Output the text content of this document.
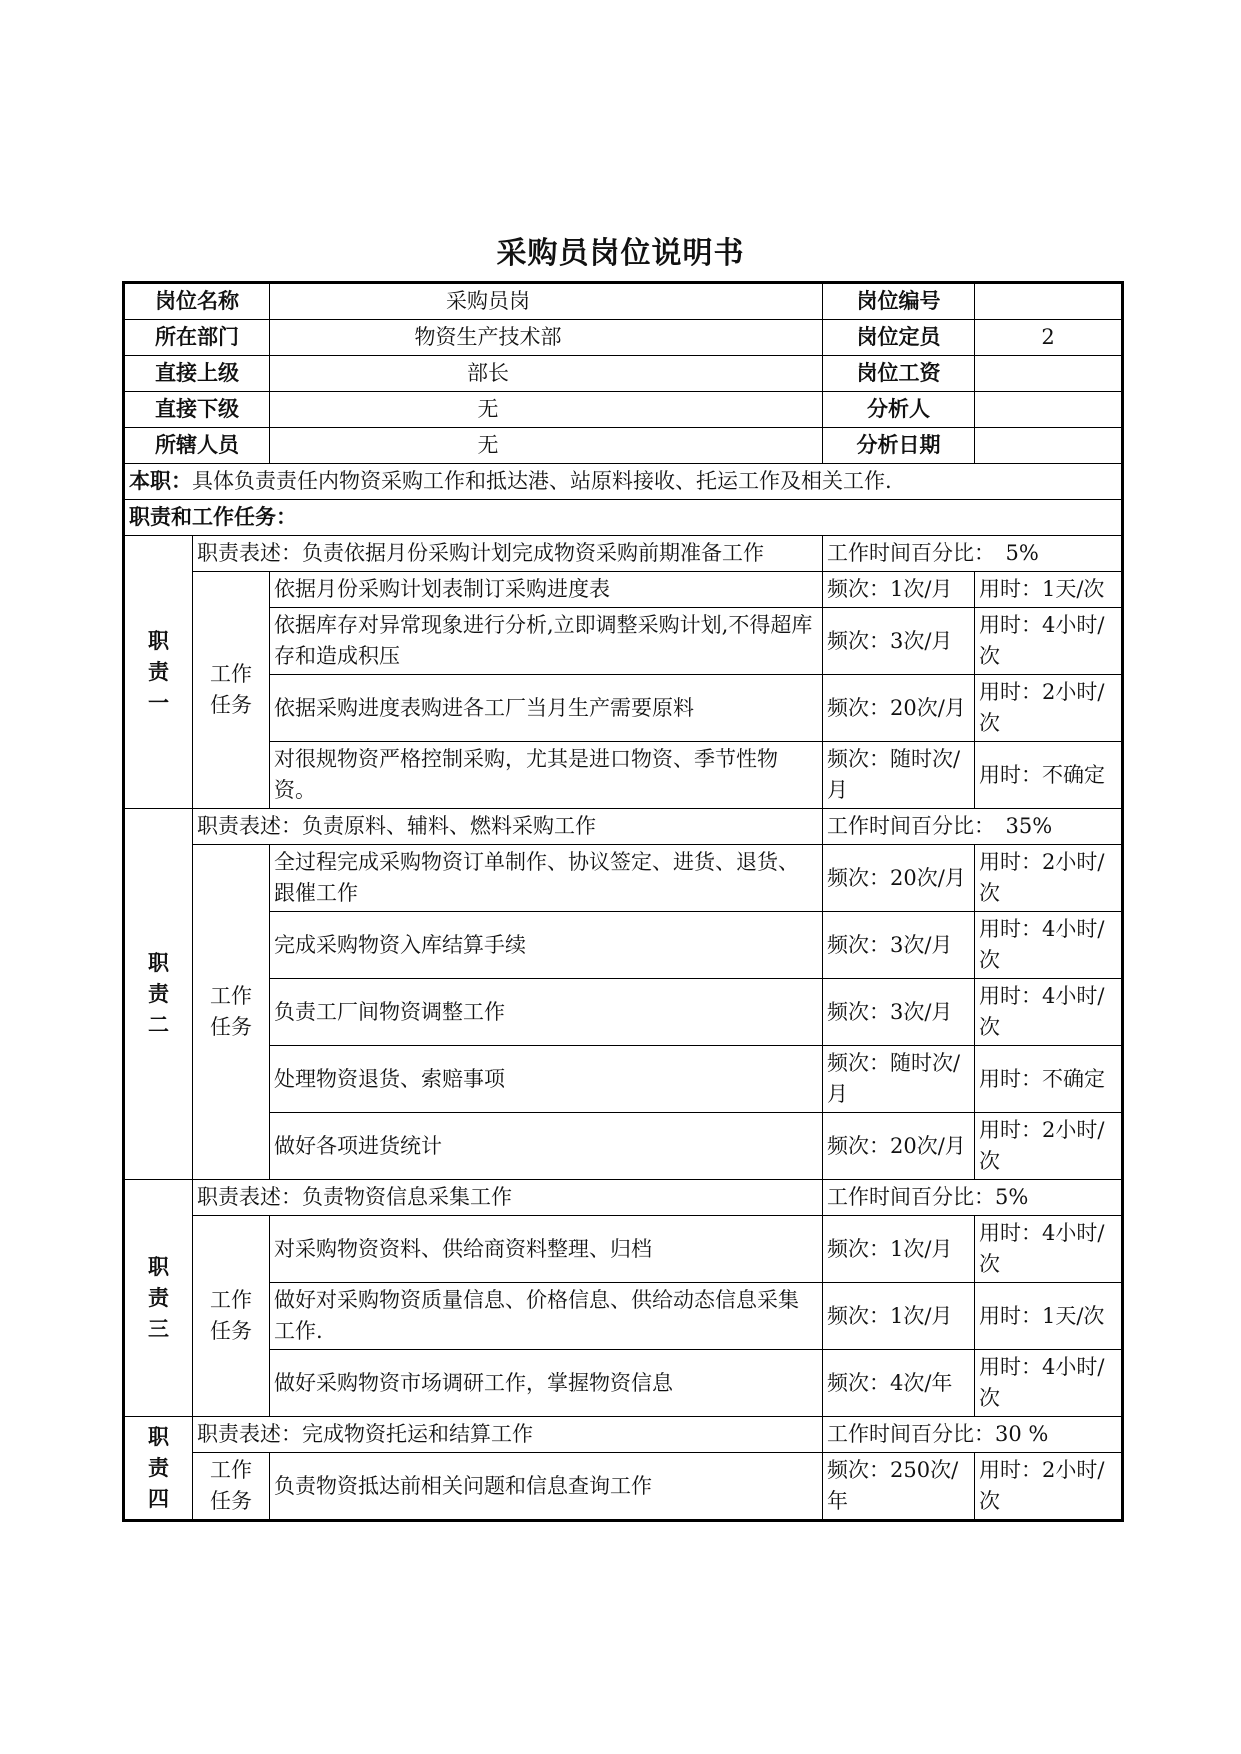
采购员岗位说明书
岗位名称		采购员岗	岗位编号	
所在部门		物资生产技术部	岗位定员	2
直接上级		部长	岗位工资	
直接下级		无	分析人	
所辖人员		无	分析日期	
本职：具体负责责任内物资采购工作和抵达港、站原料接收、托运工作及相关工作.				
职责和工作任务：				
职责一	职责表述：负责依据月份采购计划完成物资采购前期准备工作		工作时间百分比：　5%	
	工作任务	依据月份采购计划表制订采购进度表	频次：1次/月	用时：1天/次
		依据库存对异常现象进行分析,立即调整采购计划,不得超库存和造成积压	频次：3次/月	用时：4小时/次
		依据采购进度表购进各工厂当月生产需要原料	频次：20次/月	用时：2小时/次
		对很规物资严格控制采购，尤其是进口物资、季节性物资。	频次：随时次/ 月	用时：不确定
职责二	职责表述：负责原料、辅料、燃料采购工作		工作时间百分比：　35%	
	工作任务	全过程完成采购物资订单制作、协议签定、进货、退货、跟催工作	频次：20次/月	用时：2小时/次
		完成采购物资入库结算手续	频次：3次/月	用时：4小时/次
		负责工厂间物资调整工作	频次：3次/月	用时：4小时/次
		处理物资退货、索赔事项	频次：随时次/ 月	用时：不确定
		做好各项进货统计	频次：20次/月	用时：2小时/次
职责三	职责表述：负责物资信息采集工作		工作时间百分比：5%	
	工作任务	对采购物资资料、供给商资料整理、归档	频次：1次/月	用时：4小时/次
		做好对采购物资质量信息、价格信息、供给动态信息采集工作.	频次：1次/月	用时：1天/次
		做好采购物资市场调研工作，掌握物资信息	频次：4次/年	用时：4小时/次
职责四	职责表述：完成物资托运和结算工作		工作时间百分比：30 %	
	工作任务	负责物资抵达前相关问题和信息查询工作	频次：250次/年	用时：2小时/次
